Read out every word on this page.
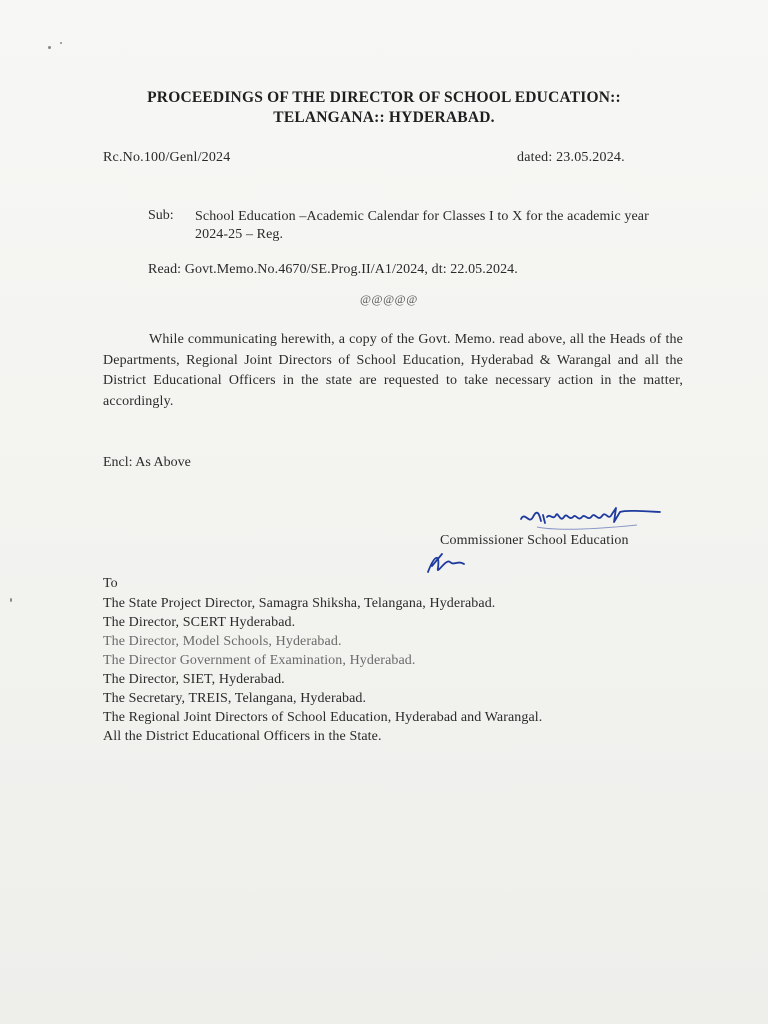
PROCEEDINGS OF THE DIRECTOR OF SCHOOL EDUCATION::
TELANGANA:: HYDERABAD.
Rc.No.100/Genl/2024	dated: 23.05.2024.
Sub: School Education –Academic Calendar for Classes I to X for the academic year 2024-25 – Reg.
Read: Govt.Memo.No.4670/SE.Prog.II/A1/2024, dt: 22.05.2024.
@@@@@
While communicating herewith, a copy of the Govt. Memo. read above, all the Heads of the Departments, Regional Joint Directors of School Education, Hyderabad & Warangal and all the District Educational Officers in the state are requested to take necessary action in the matter, accordingly.
Encl: As Above
Commissioner School Education
To
The State Project Director, Samagra Shiksha, Telangana, Hyderabad.
The Director, SCERT Hyderabad.
The Director, Model Schools, Hyderabad.
The Director Government of Examination, Hyderabad.
The Director, SIET, Hyderabad.
The Secretary, TREIS, Telangana, Hyderabad.
The Regional Joint Directors of School Education, Hyderabad and Warangal.
All the District Educational Officers in the State.
